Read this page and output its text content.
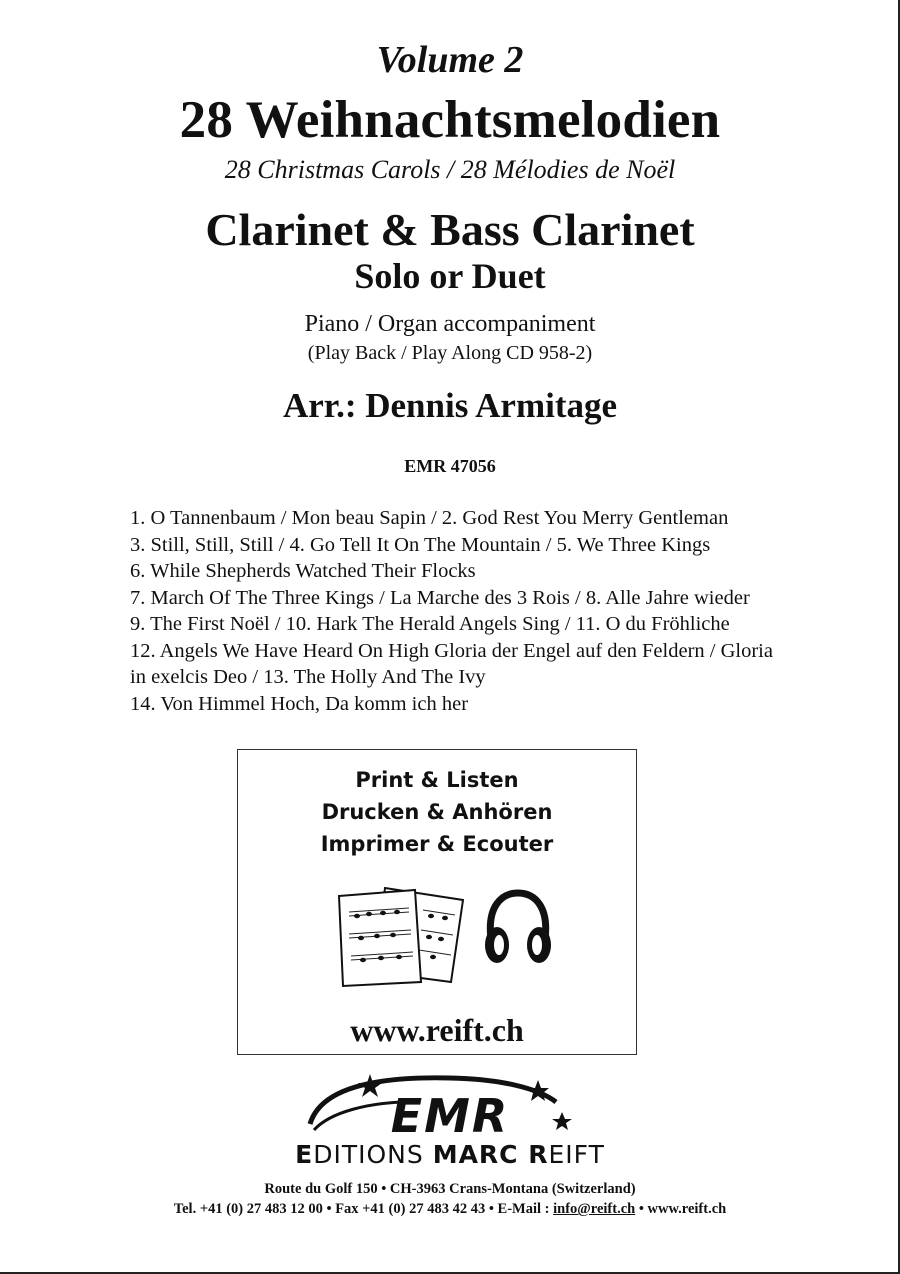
Volume 2
28 Weihnachtsmelodien
28 Christmas Carols / 28 Mélodies de Noël
Clarinet & Bass Clarinet
Solo or Duet
Piano / Organ accompaniment
(Play Back / Play Along CD 958-2)
Arr.: Dennis Armitage
EMR 47056
1. O Tannenbaum / Mon beau Sapin / 2. God Rest You Merry Gentleman
3. Still, Still, Still / 4. Go Tell It On The Mountain / 5. We Three Kings
6. While Shepherds Watched Their Flocks
7. March Of The Three Kings / La Marche des 3 Rois / 8. Alle Jahre wieder
9. The First Noël / 10. Hark The Herald Angels Sing / 11. O du Fröhliche
12. Angels We Have Heard On High Gloria der Engel auf den Feldern / Gloria
in exelcis Deo / 13. The Holly And The Ivy
14. Von Himmel Hoch, Da komm ich her
Print & Listen
Drucken & Anhören
Imprimer & Ecouter
www.reift.ch
EMR
EDITIONS MARC REIFT
Route du Golf 150 • CH-3963 Crans-Montana (Switzerland)
Tel. +41 (0) 27 483 12 00 • Fax +41 (0) 27 483 42 43 • E-Mail : info@reift.ch • www.reift.ch
